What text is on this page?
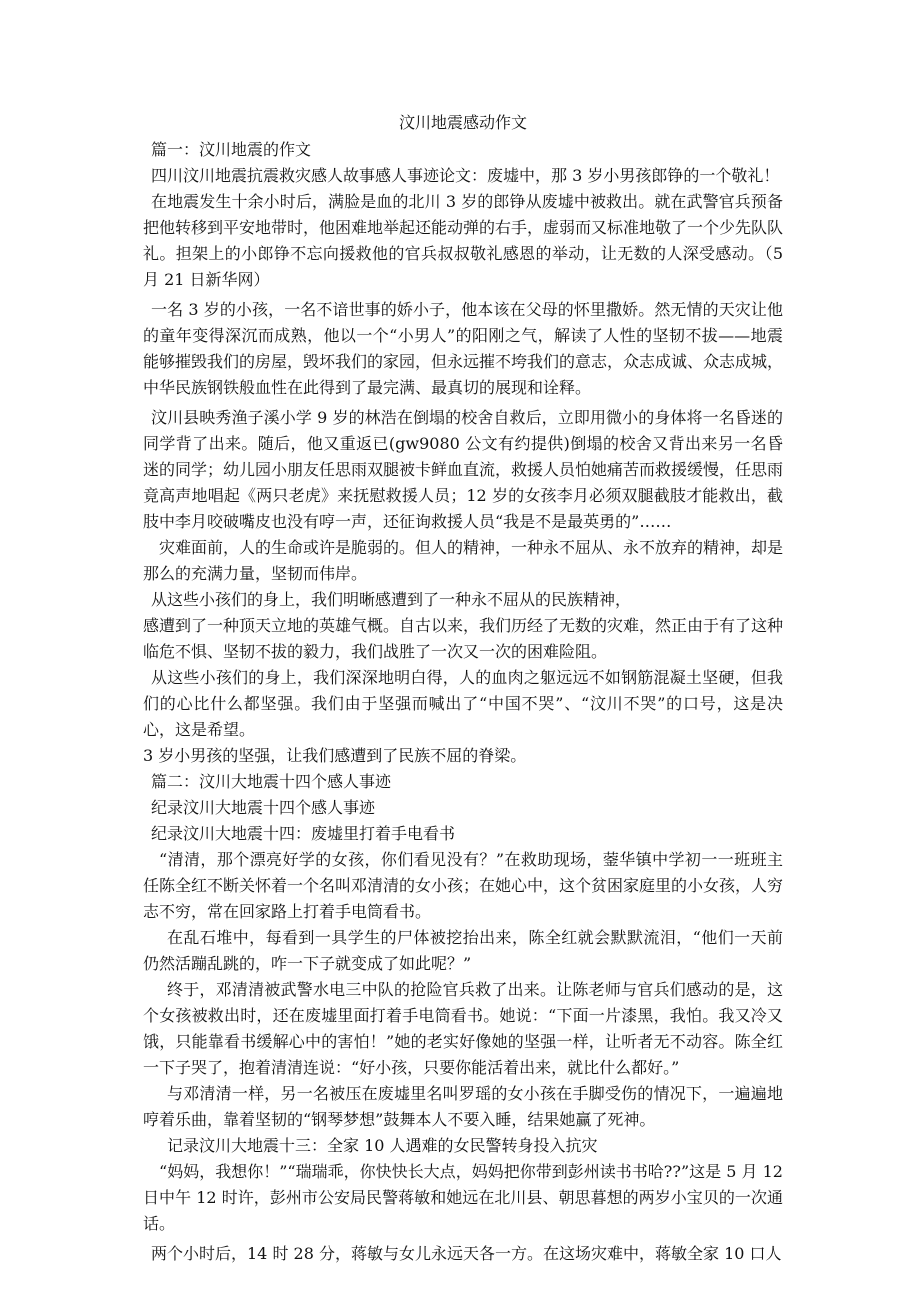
汶川地震感动作文

篇一：汶川地震的作文

四川汶川地震抗震救灾感人故事感人事迹论文：废墟中，那 3 岁小男孩郎铮的一个敬礼！

在地震发生十余小时后，满脸是血的北川 3 岁的郎铮从废墟中被救出。就在武警官兵预备把他转移到平安地带时，他困难地举起还能动弹的右手，虚弱而又标准地敬了一个少先队队礼。担架上的小郎铮不忘向援救他的官兵叔叔敬礼感恩的举动，让无数的人深受感动。（5 月 21 日新华网）

一名 3 岁的小孩，一名不谙世事的娇小子，他本该在父母的怀里撒娇。然无情的天灾让他的童年变得深沉而成熟，他以一个“小男人”的阳刚之气，解读了人性的坚韧不拔——地震能够摧毁我们的房屋，毁坏我们的家园，但永远摧不垮我们的意志，众志成诚、众志成城，中华民族钢铁般血性在此得到了最完满、最真切的展现和诠释。

汶川县映秀渔子溪小学 9 岁的林浩在倒塌的校舍自救后，立即用微小的身体将一名昏迷的同学背了出来。随后，他又重返已(gw9080 公文有约提供)倒塌的校舍又背出来另一名昏迷的同学；幼儿园小朋友任思雨双腿被卡鲜血直流，救援人员怕她痛苦而救援缓慢，任思雨竟高声地唱起《两只老虎》来抚慰救援人员；12 岁的女孩李月必须双腿截肢才能救出，截肢中李月咬破嘴皮也没有哼一声，还征询救援人员“我是不是最英勇的”……

灾难面前，人的生命或许是脆弱的。但人的精神，一种永不屈从、永不放弃的精神，却是那么的充满力量，坚韧而伟岸。

从这些小孩们的身上，我们明晰感遭到了一种永不屈从的民族精神，

感遭到了一种顶天立地的英雄气概。自古以来，我们历经了无数的灾难，然正由于有了这种临危不惧、坚韧不拔的毅力，我们战胜了一次又一次的困难险阻。

从这些小孩们的身上，我们深深地明白得，人的血肉之躯远远不如钢筋混凝土坚硬，但我们的心比什么都坚强。我们由于坚强而喊出了“中国不哭”、“汶川不哭”的口号，这是决心，这是希望。

3 岁小男孩的坚强，让我们感遭到了民族不屈的脊梁。

篇二：汶川大地震十四个感人事迹

纪录汶川大地震十四个感人事迹

纪录汶川大地震十四：废墟里打着手电看书

“清清，那个漂亮好学的女孩，你们看见没有？”在救助现场，蓥华镇中学初一一班班主任陈全红不断关怀着一个名叫邓清清的女小孩；在她心中，这个贫困家庭里的小女孩，人穷志不穷，常在回家路上打着手电筒看书。

在乱石堆中，每看到一具学生的尸体被挖抬出来，陈全红就会默默流泪，“他们一天前仍然活蹦乱跳的，咋一下子就变成了如此呢？”

终于，邓清清被武警水电三中队的抢险官兵救了出来。让陈老师与官兵们感动的是，这个女孩被救出时，还在废墟里面打着手电筒看书。她说：“下面一片漆黑，我怕。我又冷又饿，只能靠看书缓解心中的害怕！”她的老实好像她的坚强一样，让听者无不动容。陈全红一下子哭了，抱着清清连说：“好小孩，只要你能活着出来，就比什么都好。”

与邓清清一样，另一名被压在废墟里名叫罗瑶的女小孩在手脚受伤的情况下，一遍遍地哼着乐曲，靠着坚韧的“钢琴梦想”鼓舞本人不要入睡，结果她赢了死神。

记录汶川大地震十三：全家 10 人遇难的女民警转身投入抗灾

“妈妈，我想你！”“瑞瑞乖，你快快长大点，妈妈把你带到彭州读书书哈??”这是 5 月 12 日中午 12 时许，彭州市公安局民警蒋敏和她远在北川县、朝思暮想的两岁小宝贝的一次通话。

两个小时后，14 时 28 分，蒋敏与女儿永远天各一方。在这场灾难中，蒋敏全家 10 口人
